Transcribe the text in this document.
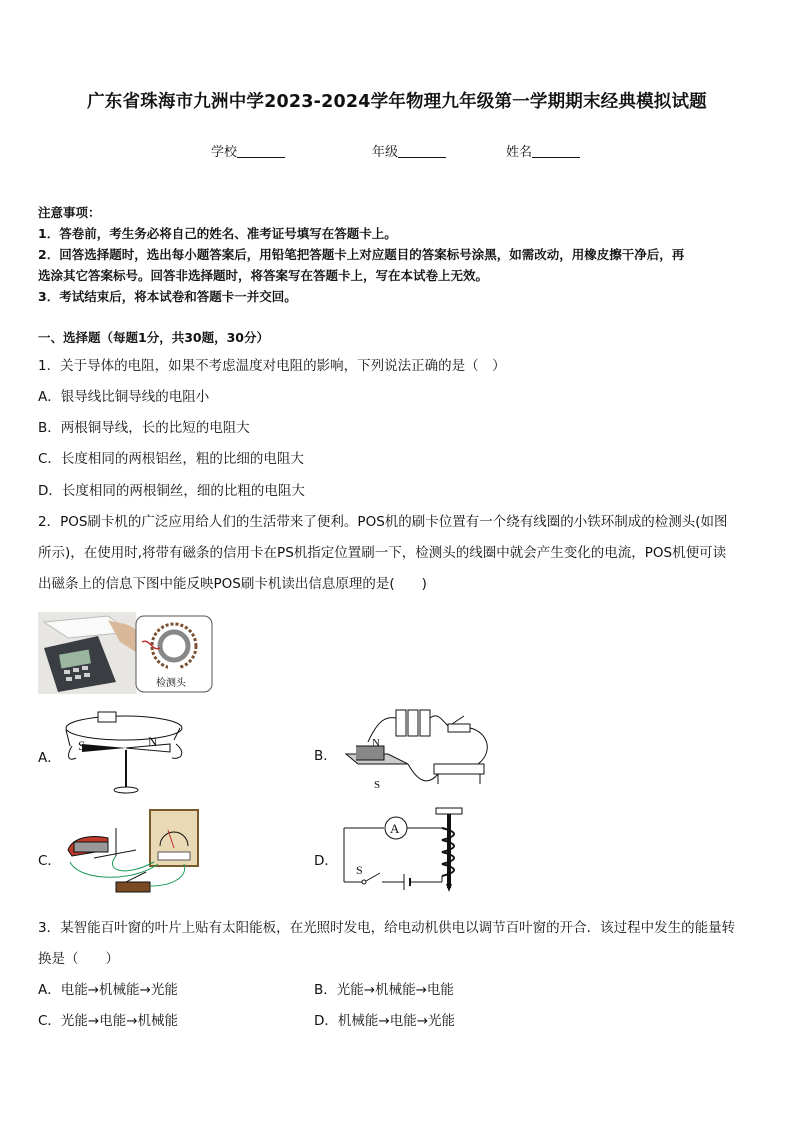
广东省珠海市九洲中学2023-2024学年物理九年级第一学期期末经典模拟试题
学校	年级	姓名
注意事项：
1．答卷前，考生务必将自己的姓名、准考证号填写在答题卡上。
2．回答选择题时，选出每小题答案后，用铅笔把答题卡上对应题目的答案标号涂黑，如需改动，用橡皮擦干净后，再
选涂其它答案标号。回答非选择题时，将答案写在答题卡上，写在本试卷上无效。
3．考试结束后，将本试卷和答题卡一并交回。
一、选择题（每题1分，共30题，30分）
1．关于导体的电阻，如果不考虑温度对电阻的影响，下列说法正确的是（　）
A．银导线比铜导线的电阻小
B．两根铜导线，长的比短的电阻大
C．长度相同的两根铝丝，粗的比细的电阻大
D．长度相同的两根铜丝，细的比粗的电阻大
2．POS刷卡机的广泛应用给人们的生活带来了便利。POS机的刷卡位置有一个绕有线圈的小铁环制成的检测头(如图
所示)，在使用时,将带有磁条的信用卡在PS机指定位置刷一下，检测头的线圈中就会产生变化的电流，POS机便可读
出磁条上的信息下图中能反映POS刷卡机读出信息原理的是(　　)
检测头
A．
S	N
B．
N
S
C．	D．
A
S
3．某智能百叶窗的叶片上贴有太阳能板，在光照时发电，给电动机供电以调节百叶窗的开合．该过程中发生的能量转
换是（　　）
A．电能→机械能→光能	B．光能→机械能→电能
C．光能→电能→机械能	D．机械能→电能→光能
